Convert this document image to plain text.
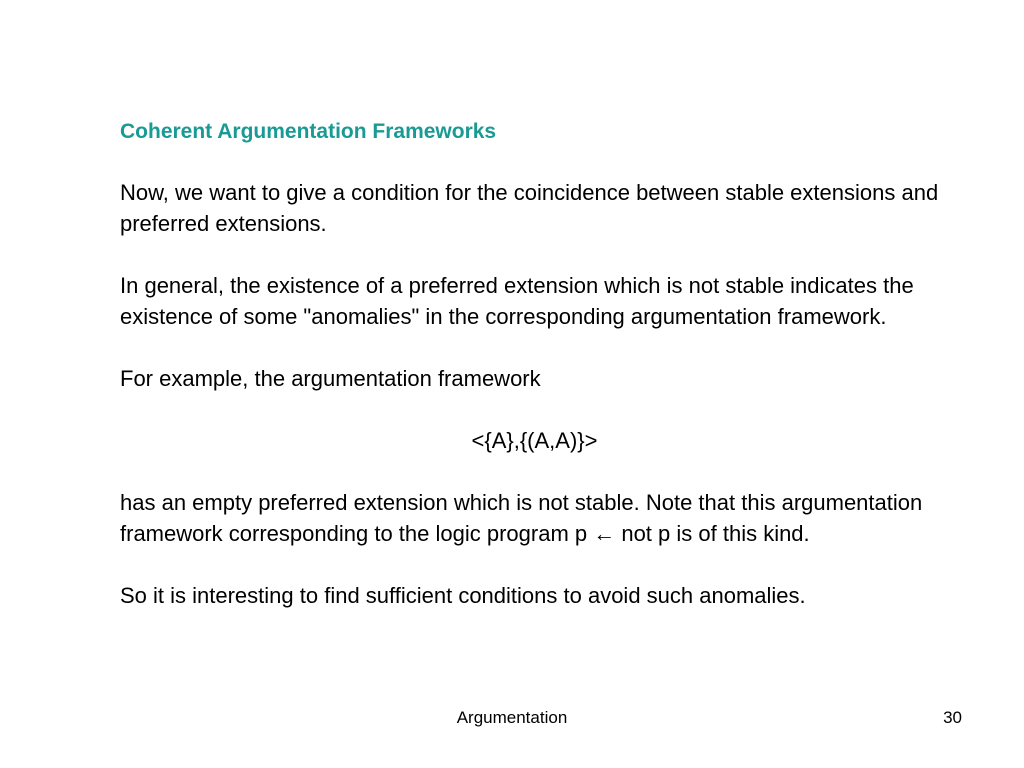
Coherent Argumentation Frameworks

Now, we want to give a condition for the coincidence between stable extensions and preferred extensions.

In general, the existence of a preferred extension which is not stable indicates the existence of some "anomalies" in the corresponding argumentation framework.

For example, the argumentation framework

<{A},{(A,A)}>

has an empty preferred extension which is not stable. Note that this argumentation framework corresponding to the logic program p ← not p is of this kind.

So it is interesting to find sufficient conditions to avoid such anomalies.

Argumentation	30
